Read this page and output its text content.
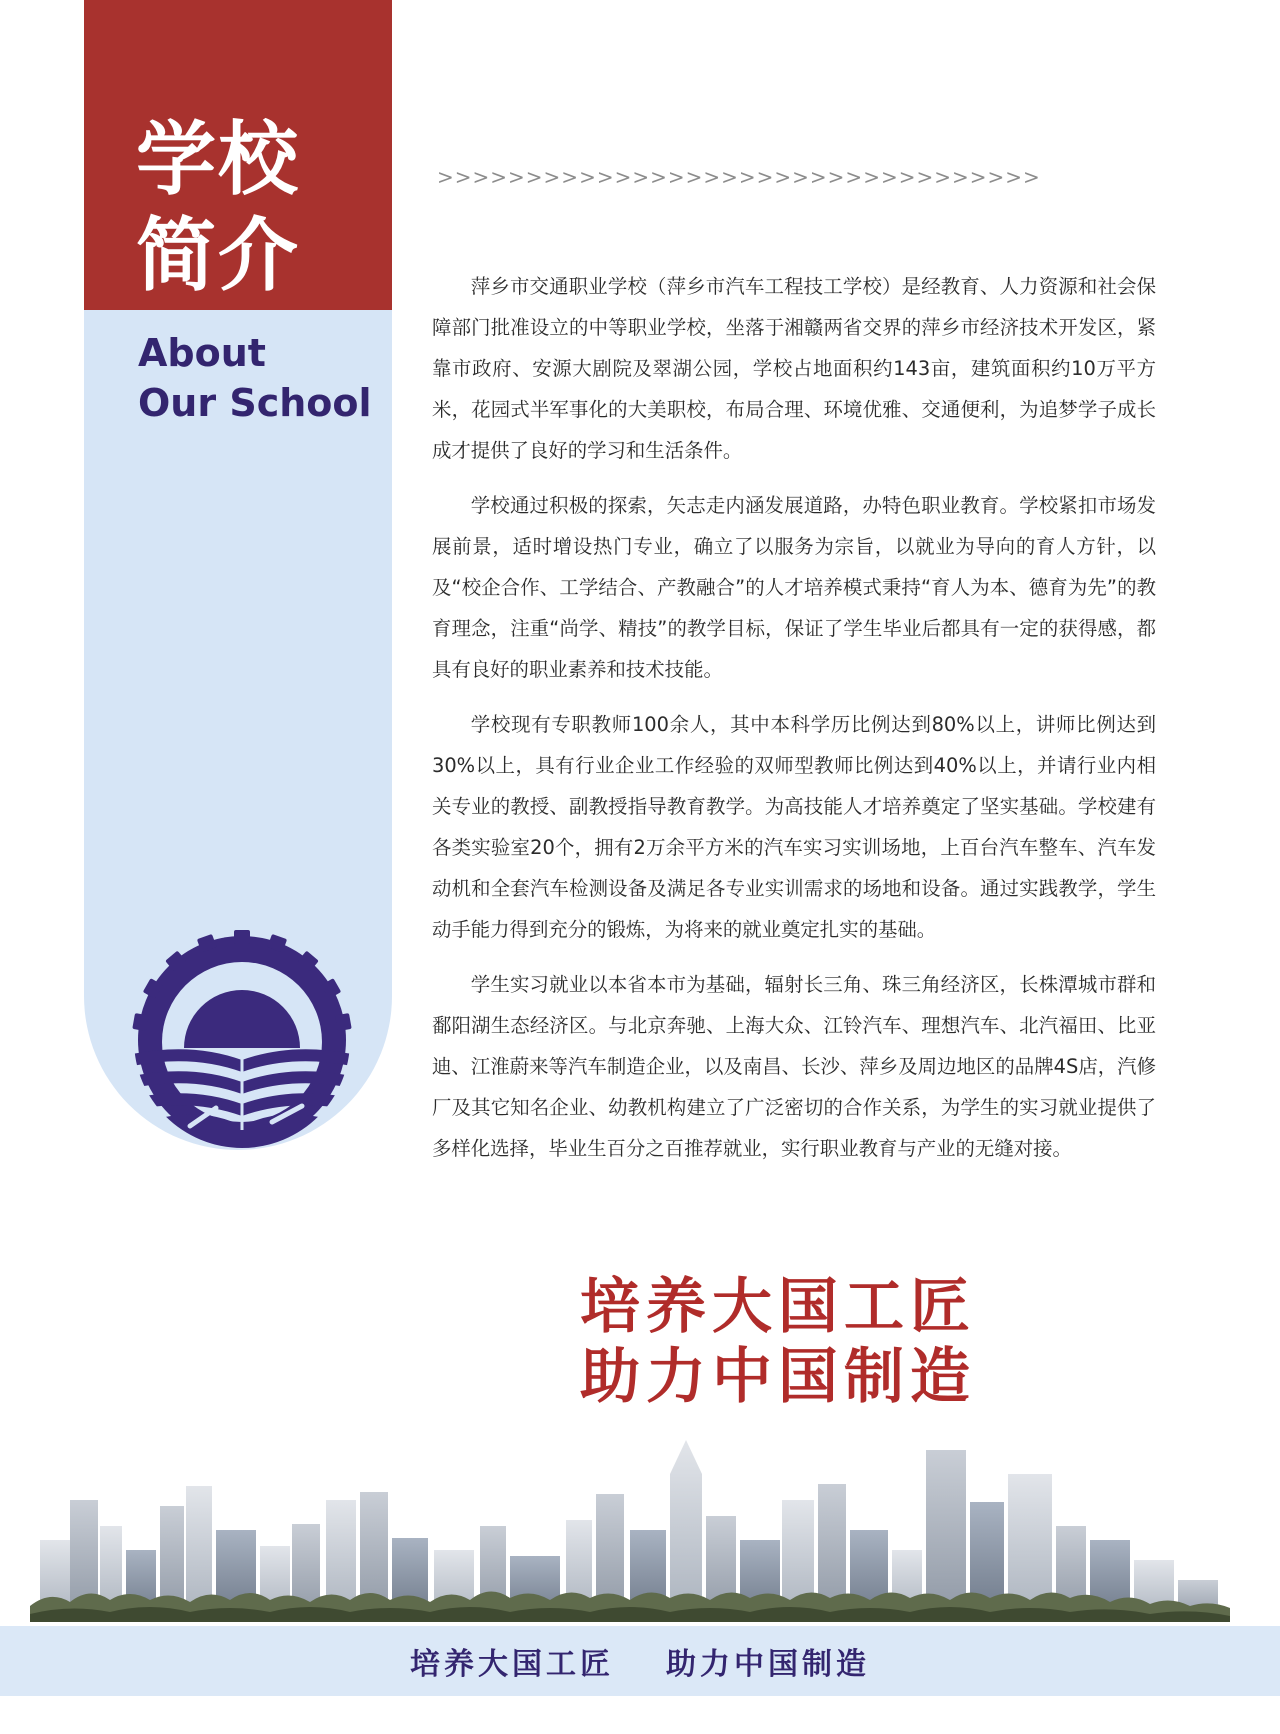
学校
简介
About
Our School
>>>>>>>>>>>>>>>>>>>>>>>>>>>>>>>>>>

萍乡市交通职业学校（萍乡市汽车工程技工学校）是经教育、人力资源和社会保障部门批准设立的中等职业学校，坐落于湘赣两省交界的萍乡市经济技术开发区，紧靠市政府、安源大剧院及翠湖公园，学校占地面积约143亩，建筑面积约10万平方米，花园式半军事化的大美职校，布局合理、环境优雅、交通便利，为追梦学子成长成才提供了良好的学习和生活条件。

学校通过积极的探索，矢志走内涵发展道路，办特色职业教育。学校紧扣市场发展前景，适时增设热门专业，确立了以服务为宗旨，以就业为导向的育人方针，以及“校企合作、工学结合、产教融合”的人才培养模式秉持“育人为本、德育为先”的教育理念，注重“尚学、精技”的教学目标，保证了学生毕业后都具有一定的获得感，都具有良好的职业素养和技术技能。

学校现有专职教师100余人，其中本科学历比例达到80%以上，讲师比例达到30%以上，具有行业企业工作经验的双师型教师比例达到40%以上，并请行业内相关专业的教授、副教授指导教育教学。为高技能人才培养奠定了坚实基础。学校建有各类实验室20个，拥有2万余平方米的汽车实习实训场地，上百台汽车整车、汽车发动机和全套汽车检测设备及满足各专业实训需求的场地和设备。通过实践教学，学生动手能力得到充分的锻炼，为将来的就业奠定扎实的基础。

学生实习就业以本省本市为基础，辐射长三角、珠三角经济区，长株潭城市群和鄱阳湖生态经济区。与北京奔驰、上海大众、江铃汽车、理想汽车、北汽福田、比亚迪、江淮蔚来等汽车制造企业，以及南昌、长沙、萍乡及周边地区的品牌4S店，汽修厂及其它知名企业、幼教机构建立了广泛密切的合作关系，为学生的实习就业提供了多样化选择，毕业生百分之百推荐就业，实行职业教育与产业的无缝对接。

培养大国工匠
助力中国制造
培养大国工匠 助力中国制造
